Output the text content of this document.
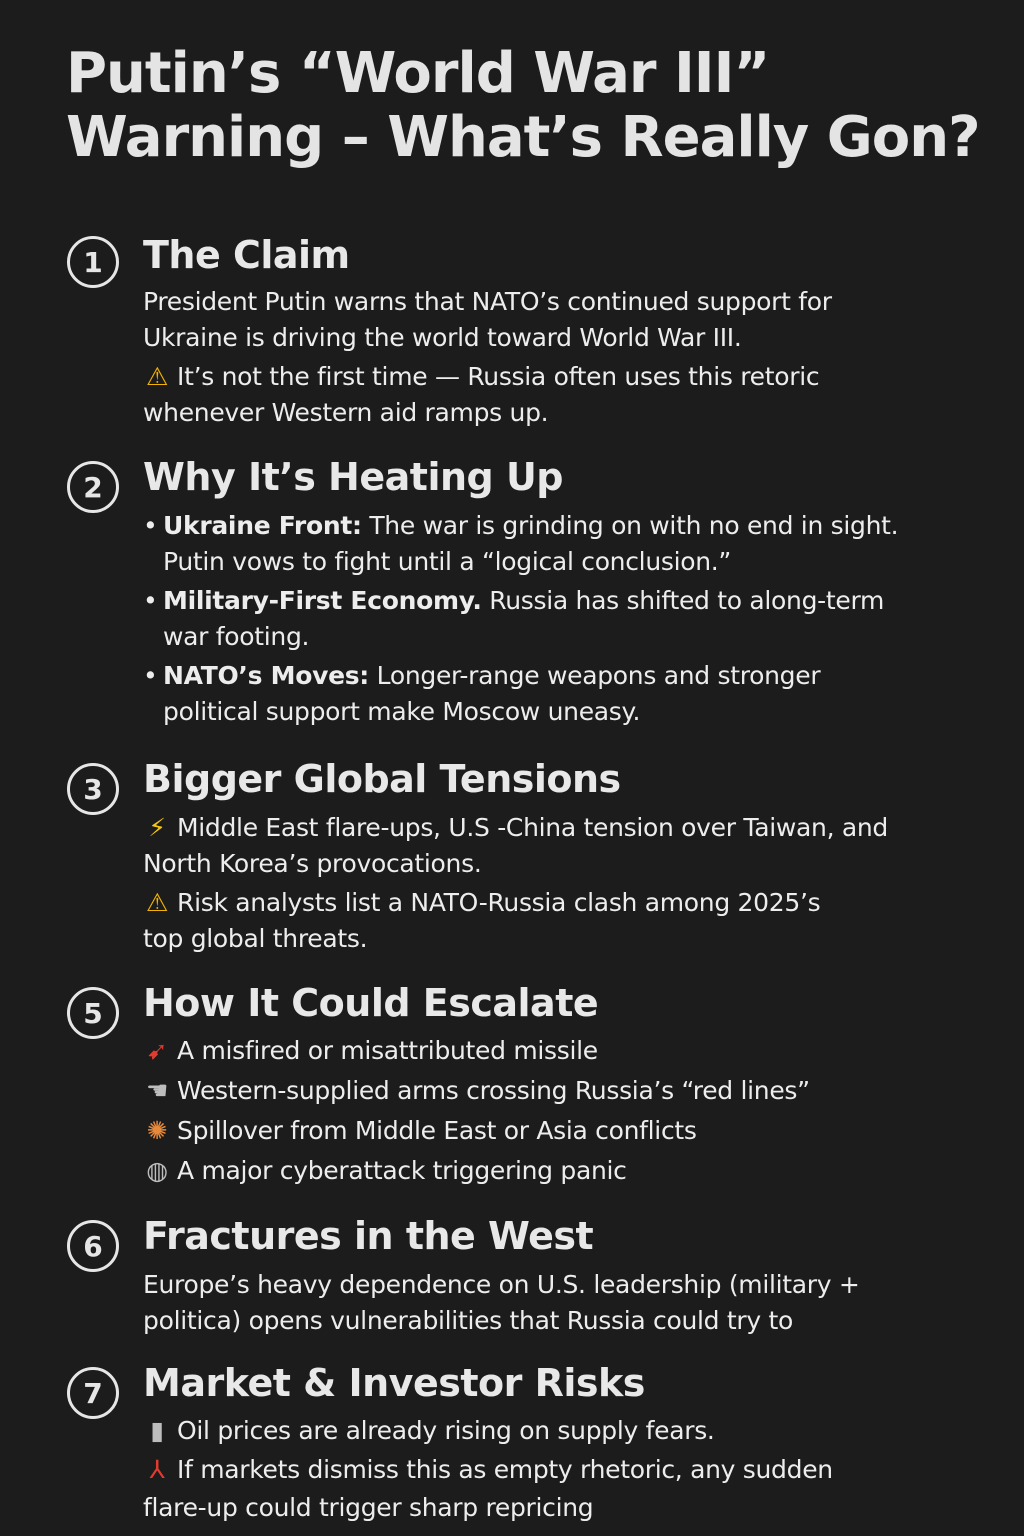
Putin’s “World War III”
Warning – What’s Really Gon?
1	The Claim
President Putin warns that NATO’s continued support for
Ukraine is driving the world toward World War III.
⚠ It’s not the first time — Russia often uses this retoric
whenever Western aid ramps up.
2	Why It’s Heating Up
• Ukraine Front: The war is grinding on with no end in sight.
Putin vows to fight until a “logical conclusion.”
• Military-First Economy. Russia has shifted to along-term
war footing.
• NATO’s Moves: Longer-range weapons and stronger
political support make Moscow uneasy.
3	Bigger Global Tensions
⚡ Middle East flare-ups, U.S -China tension over Taiwan, and
North Korea’s provocations.
⚠ Risk analysts list a NATO-Russia clash among 2025’s
top global threats.
5	How It Could Escalate
➹ A misfired or misattributed missile
☚ Western-supplied arms crossing Russia’s “red lines”
✺ Spillover from Middle East or Asia conflicts
◍ A major cyberattack triggering panic
6	Fractures in the West
Europe’s heavy dependence on U.S. leadership (military +
politica) opens vulnerabilities that Russia could try to
7	Market & Investor Risks
▮ Oil prices are already rising on supply fears.
⅄ If markets dismiss this as empty rhetoric, any sudden
flare-up could trigger sharp repricing
